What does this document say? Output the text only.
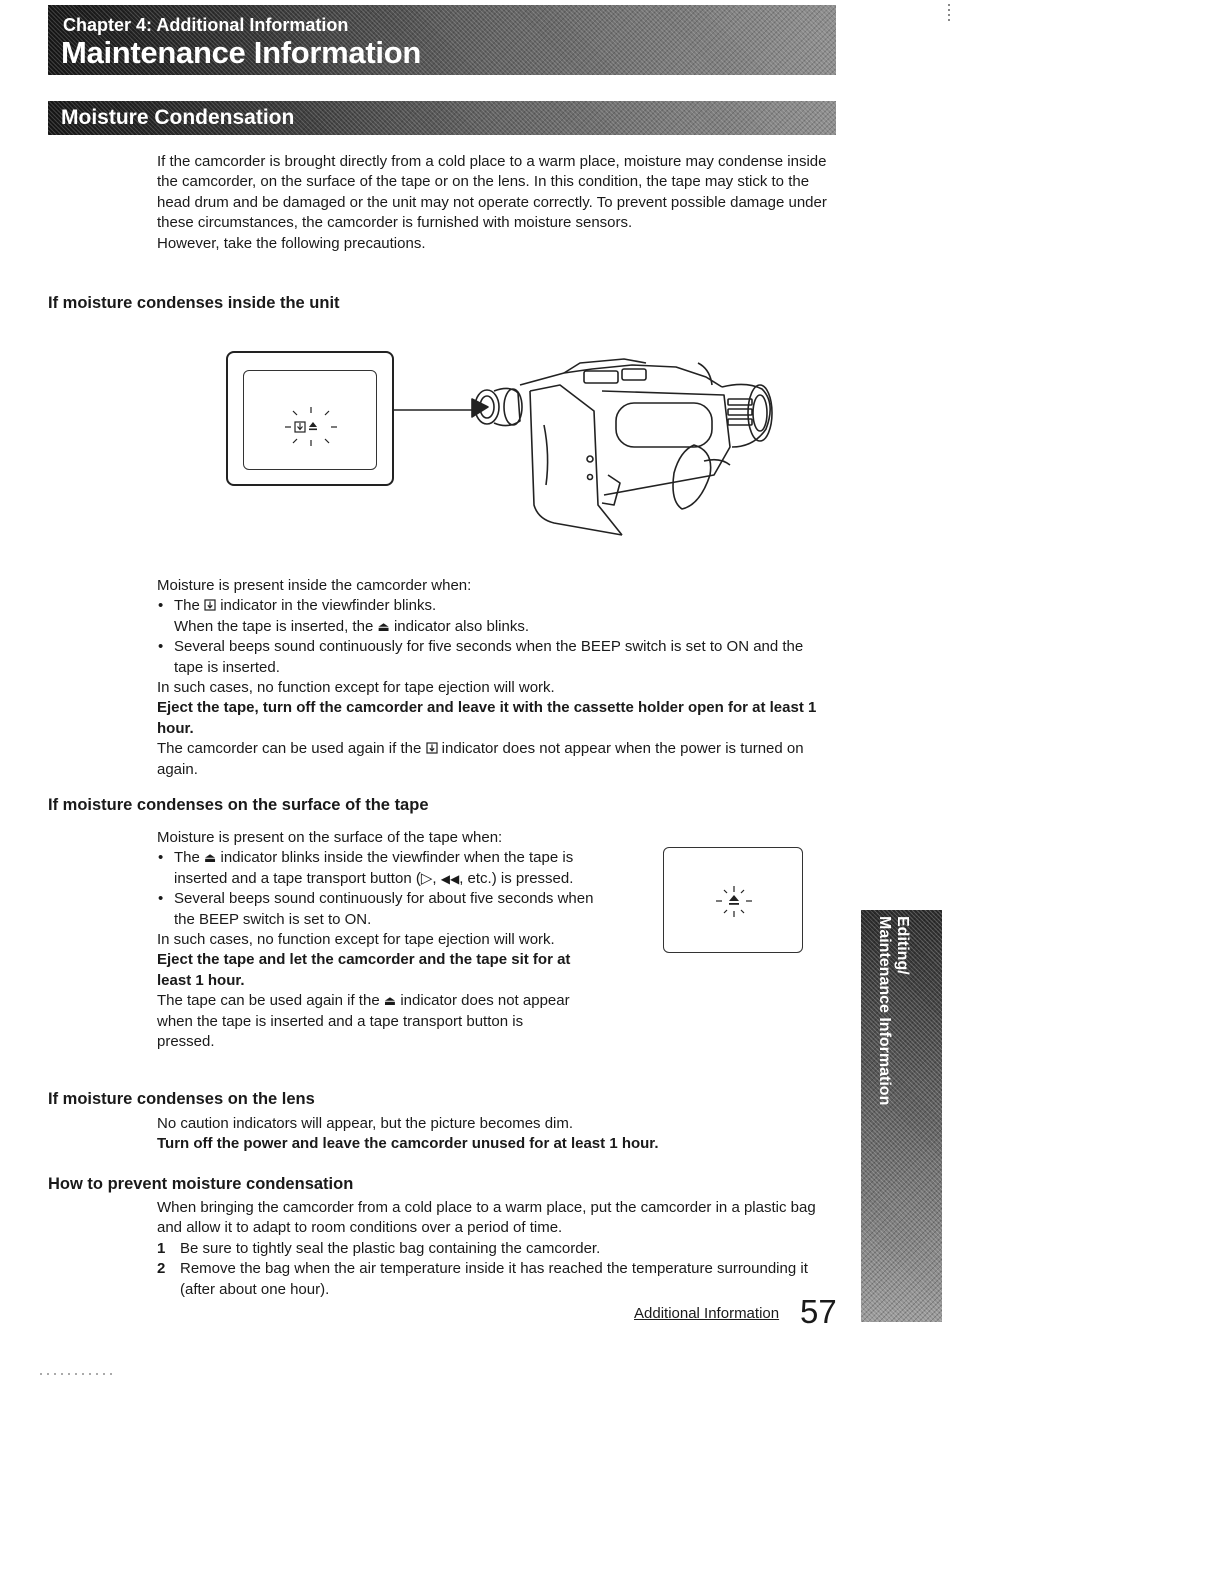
Chapter 4: Additional Information
Maintenance Information
Moisture Condensation

If the camcorder is brought directly from a cold place to a warm place, moisture may condense inside the camcorder, on the surface of the tape or on the lens. In this condition, the tape may stick to the head drum and be damaged or the unit may not operate correctly. To prevent possible damage under these circumstances, the camcorder is furnished with moisture sensors.

However, take the following precautions.

If moisture condenses inside the unit

Moisture is present inside the camcorder when:

• The indicator in the viewfinder blinks.
When the tape is inserted, the ⏏ indicator also blinks.
• Several beeps sound continuously for five seconds when the BEEP switch is set to ON and the tape is inserted.

In such cases, no function except for tape ejection will work.

Eject the tape, turn off the camcorder and leave it with the cassette holder open for at least 1 hour.

The camcorder can be used again if the indicator does not appear when the power is turned on again.

If moisture condenses on the surface of the tape

Moisture is present on the surface of the tape when:

• The ⏏ indicator blinks inside the viewfinder when the tape is inserted and a tape transport button (▷, ◀◀, etc.) is pressed.
• Several beeps sound continuously for about five seconds when the BEEP switch is set to ON.

In such cases, no function except for tape ejection will work.

Eject the tape and let the camcorder and the tape sit for at least 1 hour.

The tape can be used again if the ⏏ indicator does not appear when the tape is inserted and a tape transport button is pressed.

If moisture condenses on the lens

No caution indicators will appear, but the picture becomes dim.

Turn off the power and leave the camcorder unused for at least 1 hour.

How to prevent moisture condensation

When bringing the camcorder from a cold place to a warm place, put the camcorder in a plastic bag and allow it to adapt to room conditions over a period of time.

1 Be sure to tightly seal the plastic bag containing the camcorder.
2 Remove the bag when the air temperature inside it has reached the temperature surrounding it (after about one hour).
Additional Information 57
Editing/
Maintenance Information
